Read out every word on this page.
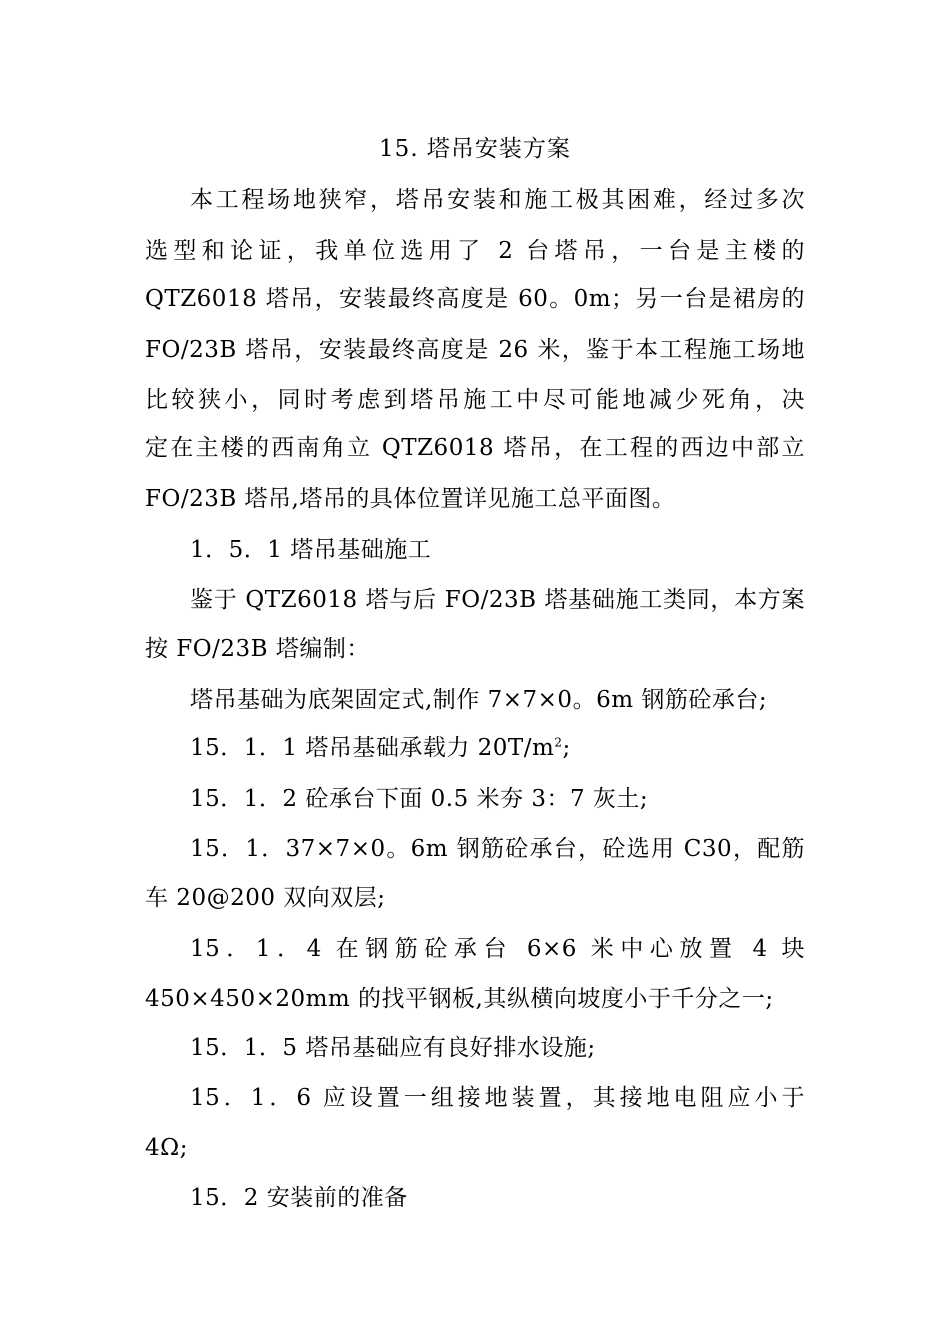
15. 塔吊安装方案
本工程场地狭窄，塔吊安装和施工极其困难，经过多次
选型和论证，我单位选用了 2 台塔吊，一台是主楼的
QTZ6018 塔吊，安装最终高度是 60。0m；另一台是裙房的
FO/23B 塔吊，安装最终高度是 26 米，鉴于本工程施工场地
比较狭小，同时考虑到塔吊施工中尽可能地减少死角，决
定在主楼的西南角立 QTZ6018 塔吊，在工程的西边中部立
FO/23B 塔吊,塔吊的具体位置详见施工总平面图。
1．5．1 塔吊基础施工
鉴于 QTZ6018 塔与后 FO/23B 塔基础施工类同，本方案
按 FO/23B 塔编制：
塔吊基础为底架固定式,制作 7×7×0。6m 钢筋砼承台;
15．1．1 塔吊基础承载力 $20T/m^2$;
15．1．2 砼承台下面 0.5 米夯 3：7 灰土;
15．1．37×7×0。6m 钢筋砼承台，砼选用 C30，配筋
车 20@200 双向双层;
15．1．4 在钢筋砼承台 6×6 米中心放置 4 块
450×450×20mm 的找平钢板,其纵横向坡度小于千分之一;
15．1．5 塔吊基础应有良好排水设施;
15．1．6 应设置一组接地装置，其接地电阻应小于
4Ω;
15．2 安装前的准备
